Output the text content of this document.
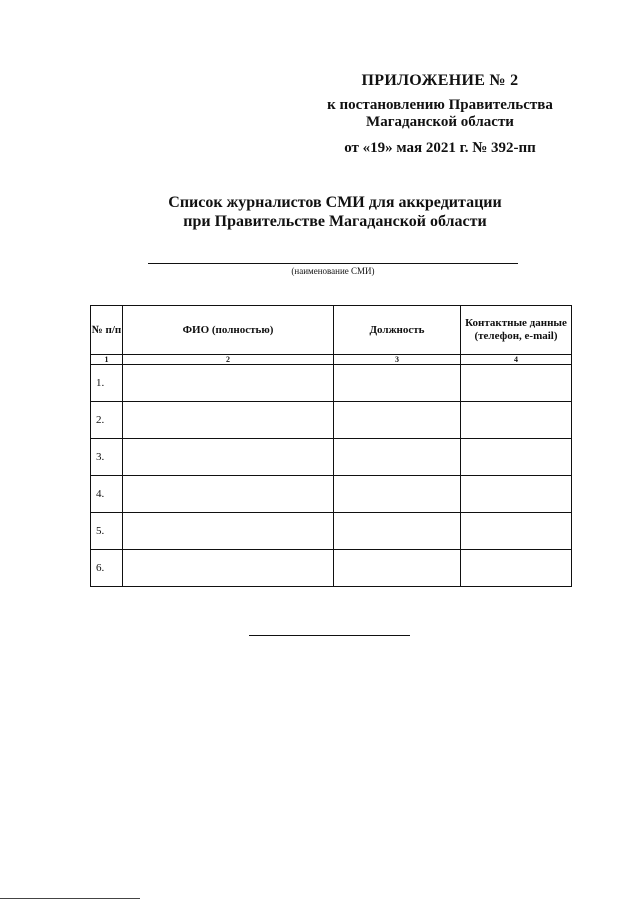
ПРИЛОЖЕНИЕ № 2
к постановлению Правительства
Магаданской области
от «19» мая 2021 г. № 392-пп
Список журналистов СМИ для аккредитации
при Правительстве Магаданской области
(наименование СМИ)
№ п/п	ФИО (полностью)	Должность	Контактные данные (телефон, e-mail)
1	2	3	4
1.			
2.			
3.			
4.			
5.			
6.			
